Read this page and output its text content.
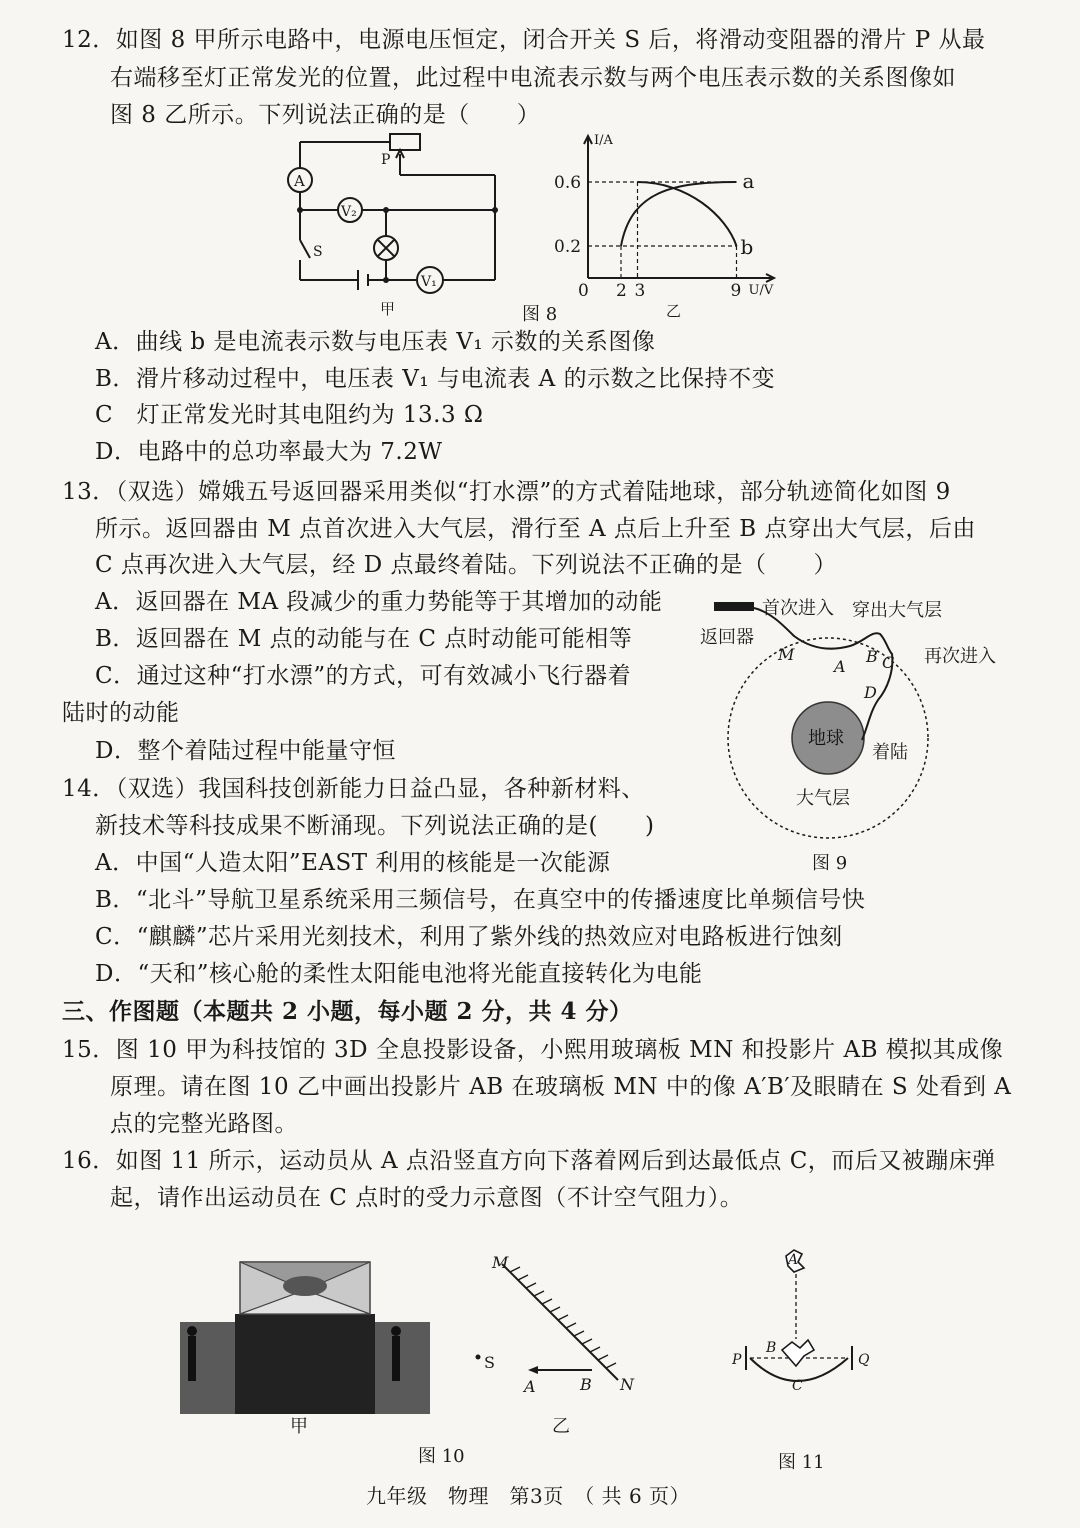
12．如图 8 甲所示电路中，电源电压恒定，闭合开关 S 后，将滑动变阻器的滑片 P 从最
右端移至灯正常发光的位置，此过程中电流表示数与两个电压表示数的关系图像如
图 8 乙所示。下列说法正确的是（　　）
P
A
V₂
S
V₁
甲
0.6
0.2
0 2 3	9
I/A
U/V
a
b
乙
图 8
A．曲线 b 是电流表示数与电压表 V₁ 示数的关系图像
B．滑片移动过程中，电压表 V₁ 与电流表 A 的示数之比保持不变
C　灯正常发光时其电阻约为 13.3 Ω
D．电路中的总功率最大为 7.2W
13．（双选）嫦娥五号返回器采用类似“打水漂”的方式着陆地球，部分轨迹简化如图 9
所示。返回器由 M 点首次进入大气层，滑行至 A 点后上升至 B 点穿出大气层，后由
C 点再次进入大气层，经 D 点最终着陆。下列说法不正确的是（　　）
A．返回器在 MA 段减少的重力势能等于其增加的动能
B．返回器在 M 点的动能与在 C 点时动能可能相等
C．通过这种“打水漂”的方式，可有效减小飞行器着
陆时的动能
D．整个着陆过程中能量守恒
M
A
B C
D
返回器
首次进入 穿出大气层
再次进入
地球
着陆
大气层
图 9
14．（双选）我国科技创新能力日益凸显，各种新材料、
新技术等科技成果不断涌现。下列说法正确的是(　　)
A．中国“人造太阳”EAST 利用的核能是一次能源
B．“北斗”导航卫星系统采用三频信号，在真空中的传播速度比单频信号快
C．“麒麟”芯片采用光刻技术，利用了紫外线的热效应对电路板进行蚀刻
D．“天和”核心舱的柔性太阳能电池将光能直接转化为电能
三、作图题（本题共 2 小题，每小题 2 分，共 4 分）
15．图 10 甲为科技馆的 3D 全息投影设备，小熙用玻璃板 MN 和投影片 AB 模拟其成像
原理。请在图 10 乙中画出投影片 AB 在玻璃板 MN 中的像 A′B′及眼睛在 S 处看到 A
点的完整光路图。
16．如图 11 所示，运动员从 A 点沿竖直方向下落着网后到达最低点 C，而后又被蹦床弹
起，请作出运动员在 C 点时的受力示意图（不计空气阻力）。
甲
M
N
S
A	B
乙
图 10
A
B
C
P	Q
图 11
九年级　物理　第3页　（ 共 6 页）
